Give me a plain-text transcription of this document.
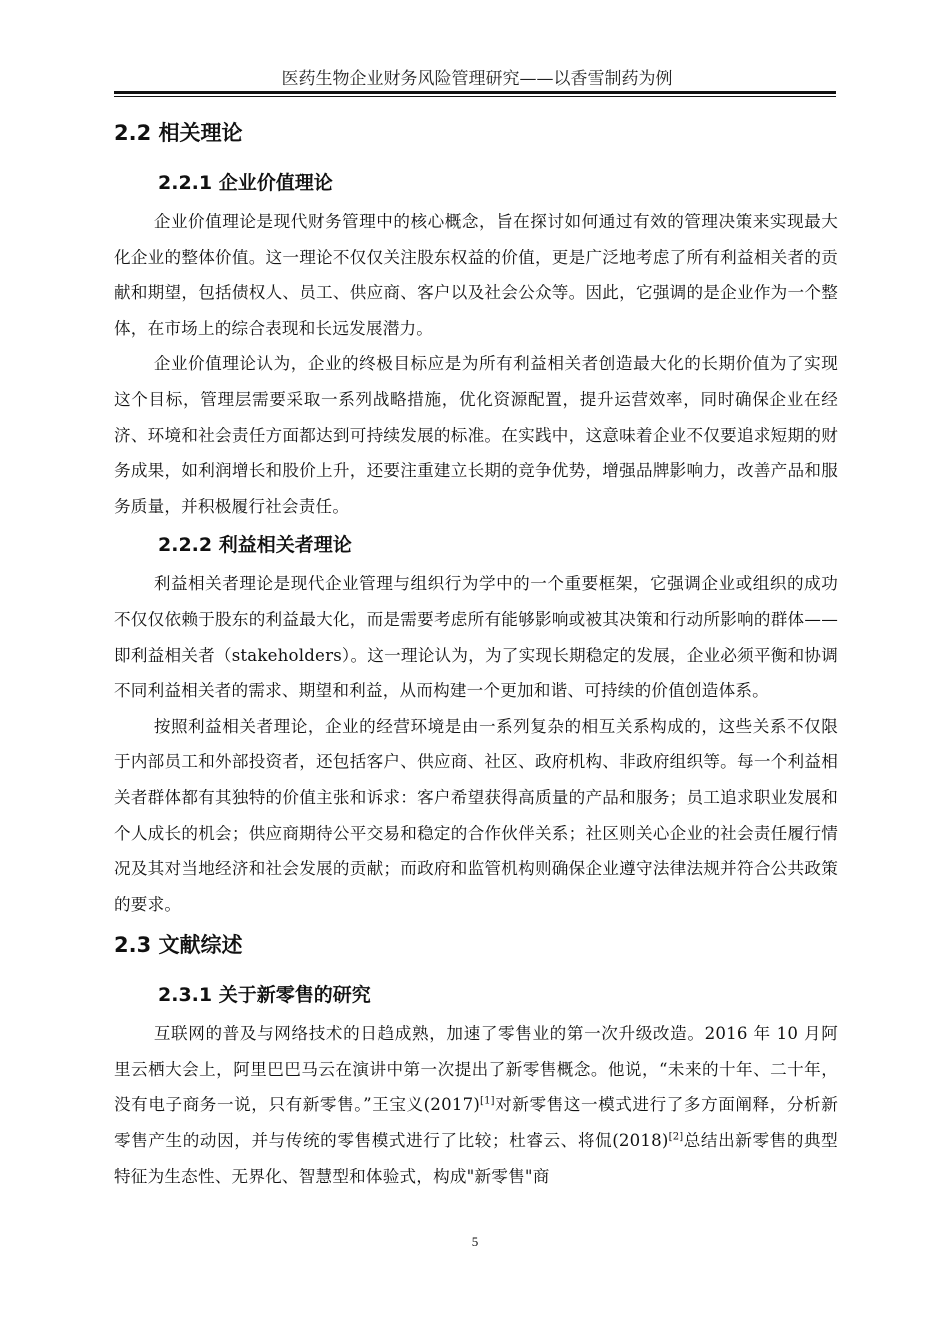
医药生物企业财务风险管理研究——以香雪制药为例
2.2 相关理论
2.2.1 企业价值理论

企业价值理论是现代财务管理中的核心概念，旨在探讨如何通过有效的管理决策来实现最大化企业的整体价值。这一理论不仅仅关注股东权益的价值，更是广泛地考虑了所有利益相关者的贡献和期望，包括债权人、员工、供应商、客户以及社会公众等。因此，它强调的是企业作为一个整体，在市场上的综合表现和长远发展潜力。

企业价值理论认为，企业的终极目标应是为所有利益相关者创造最大化的长期价值为了实现这个目标，管理层需要采取一系列战略措施，优化资源配置，提升运营效率，同时确保企业在经济、环境和社会责任方面都达到可持续发展的标准。在实践中，这意味着企业不仅要追求短期的财务成果，如利润增长和股价上升，还要注重建立长期的竞争优势，增强品牌影响力，改善产品和服务质量，并积极履行社会责任。

2.2.2 利益相关者理论

利益相关者理论是现代企业管理与组织行为学中的一个重要框架，它强调企业或组织的成功不仅仅依赖于股东的利益最大化，而是需要考虑所有能够影响或被其决策和行动所影响的群体——即利益相关者（stakeholders）。这一理论认为，为了实现长期稳定的发展，企业必须平衡和协调不同利益相关者的需求、期望和利益，从而构建一个更加和谐、可持续的价值创造体系。

按照利益相关者理论，企业的经营环境是由一系列复杂的相互关系构成的，这些关系不仅限于内部员工和外部投资者，还包括客户、供应商、社区、政府机构、非政府组织等。每一个利益相关者群体都有其独特的价值主张和诉求：客户希望获得高质量的产品和服务；员工追求职业发展和个人成长的机会；供应商期待公平交易和稳定的合作伙伴关系；社区则关心企业的社会责任履行情况及其对当地经济和社会发展的贡献；而政府和监管机构则确保企业遵守法律法规并符合公共政策的要求。

2.3 文献综述
2.3.1 关于新零售的研究

互联网的普及与网络技术的日趋成熟，加速了零售业的第一次升级改造。2016 年 10 月阿里云栖大会上，阿里巴巴马云在演讲中第一次提出了新零售概念。他说，“未来的十年、二十年，没有电子商务一说，只有新零售。”王宝义(2017)[1]对新零售这一模式进行了多方面阐释，分析新零售产生的动因，并与传统的零售模式进行了比较；杜睿云、将侃(2018)[2]总结出新零售的典型特征为生态性、无界化、智慧型和体验式，构成"新零售"商

5
